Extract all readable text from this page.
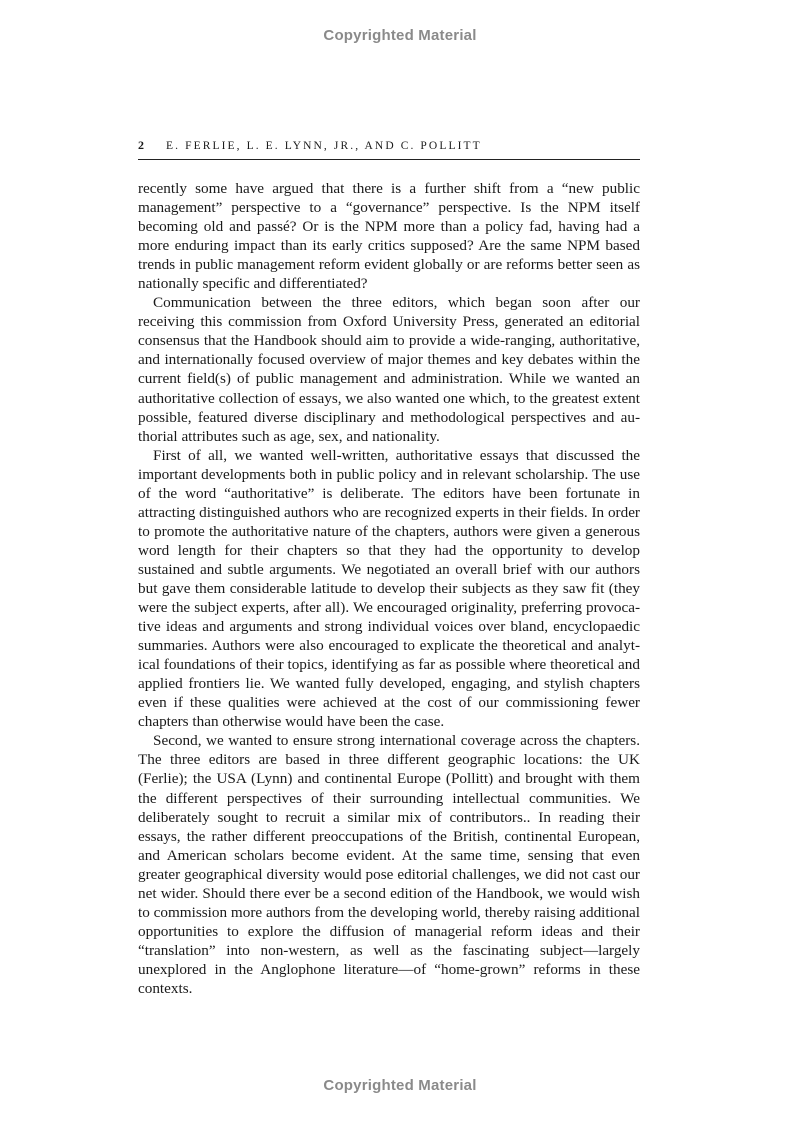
Copyrighted Material
2	E. FERLIE, L. E. LYNN, JR., AND C. POLLITT

recently some have argued that there is a further shift from a “new public management” perspective to a “governance” perspective. Is the NPM itself becoming old and passé? Or is the NPM more than a policy fad, having had a more enduring impact than its early critics supposed? Are the same NPM based trends in public management reform evident globally or are reforms better seen as nationally specific and differentiated?

Communication between the three editors, which began soon after our receiving this commission from Oxford University Press, generated an editorial consensus that the Handbook should aim to provide a wide-ranging, authoritative, and internationally focused overview of major themes and key debates within the current field(s) of public management and administration. While we wanted an authoritative collection of essays, we also wanted one which, to the greatest extent possible, featured diverse disciplinary and methodological perspectives and authorial attributes such as age, sex, and nationality.

First of all, we wanted well-written, authoritative essays that discussed the important developments both in public policy and in relevant scholarship. The use of the word “authoritative” is deliberate. The editors have been fortunate in attracting distinguished authors who are recognized experts in their fields. In order to promote the authoritative nature of the chapters, authors were given a generous word length for their chapters so that they had the opportunity to develop sustained and subtle arguments. We negotiated an overall brief with our authors but gave them considerable latitude to develop their subjects as they saw fit (they were the subject experts, after all). We encouraged originality, preferring provocative ideas and arguments and strong individual voices over bland, encyclopaedic summaries. Authors were also encouraged to explicate the theoretical and analytical foundations of their topics, identifying as far as possible where theoretical and applied frontiers lie. We wanted fully developed, engaging, and stylish chapters even if these qualities were achieved at the cost of our commissioning fewer chapters than otherwise would have been the case.

Second, we wanted to ensure strong international coverage across the chapters. The three editors are based in three different geographic locations: the UK (Ferlie); the USA (Lynn) and continental Europe (Pollitt) and brought with them the different perspectives of their surrounding intellectual communities. We deliberately sought to recruit a similar mix of contributors.. In reading their essays, the rather different preoccupations of the British, continental European, and American scholars become evident. At the same time, sensing that even greater geographical diversity would pose editorial challenges, we did not cast our net wider. Should there ever be a second edition of the Handbook, we would wish to commission more authors from the developing world, thereby raising additional opportunities to explore the diffusion of managerial reform ideas and their “translation” into non-western, as well as the fascinating subject—largely unexplored in the Anglophone literature—of “home-grown” reforms in these contexts.

Copyrighted Material
